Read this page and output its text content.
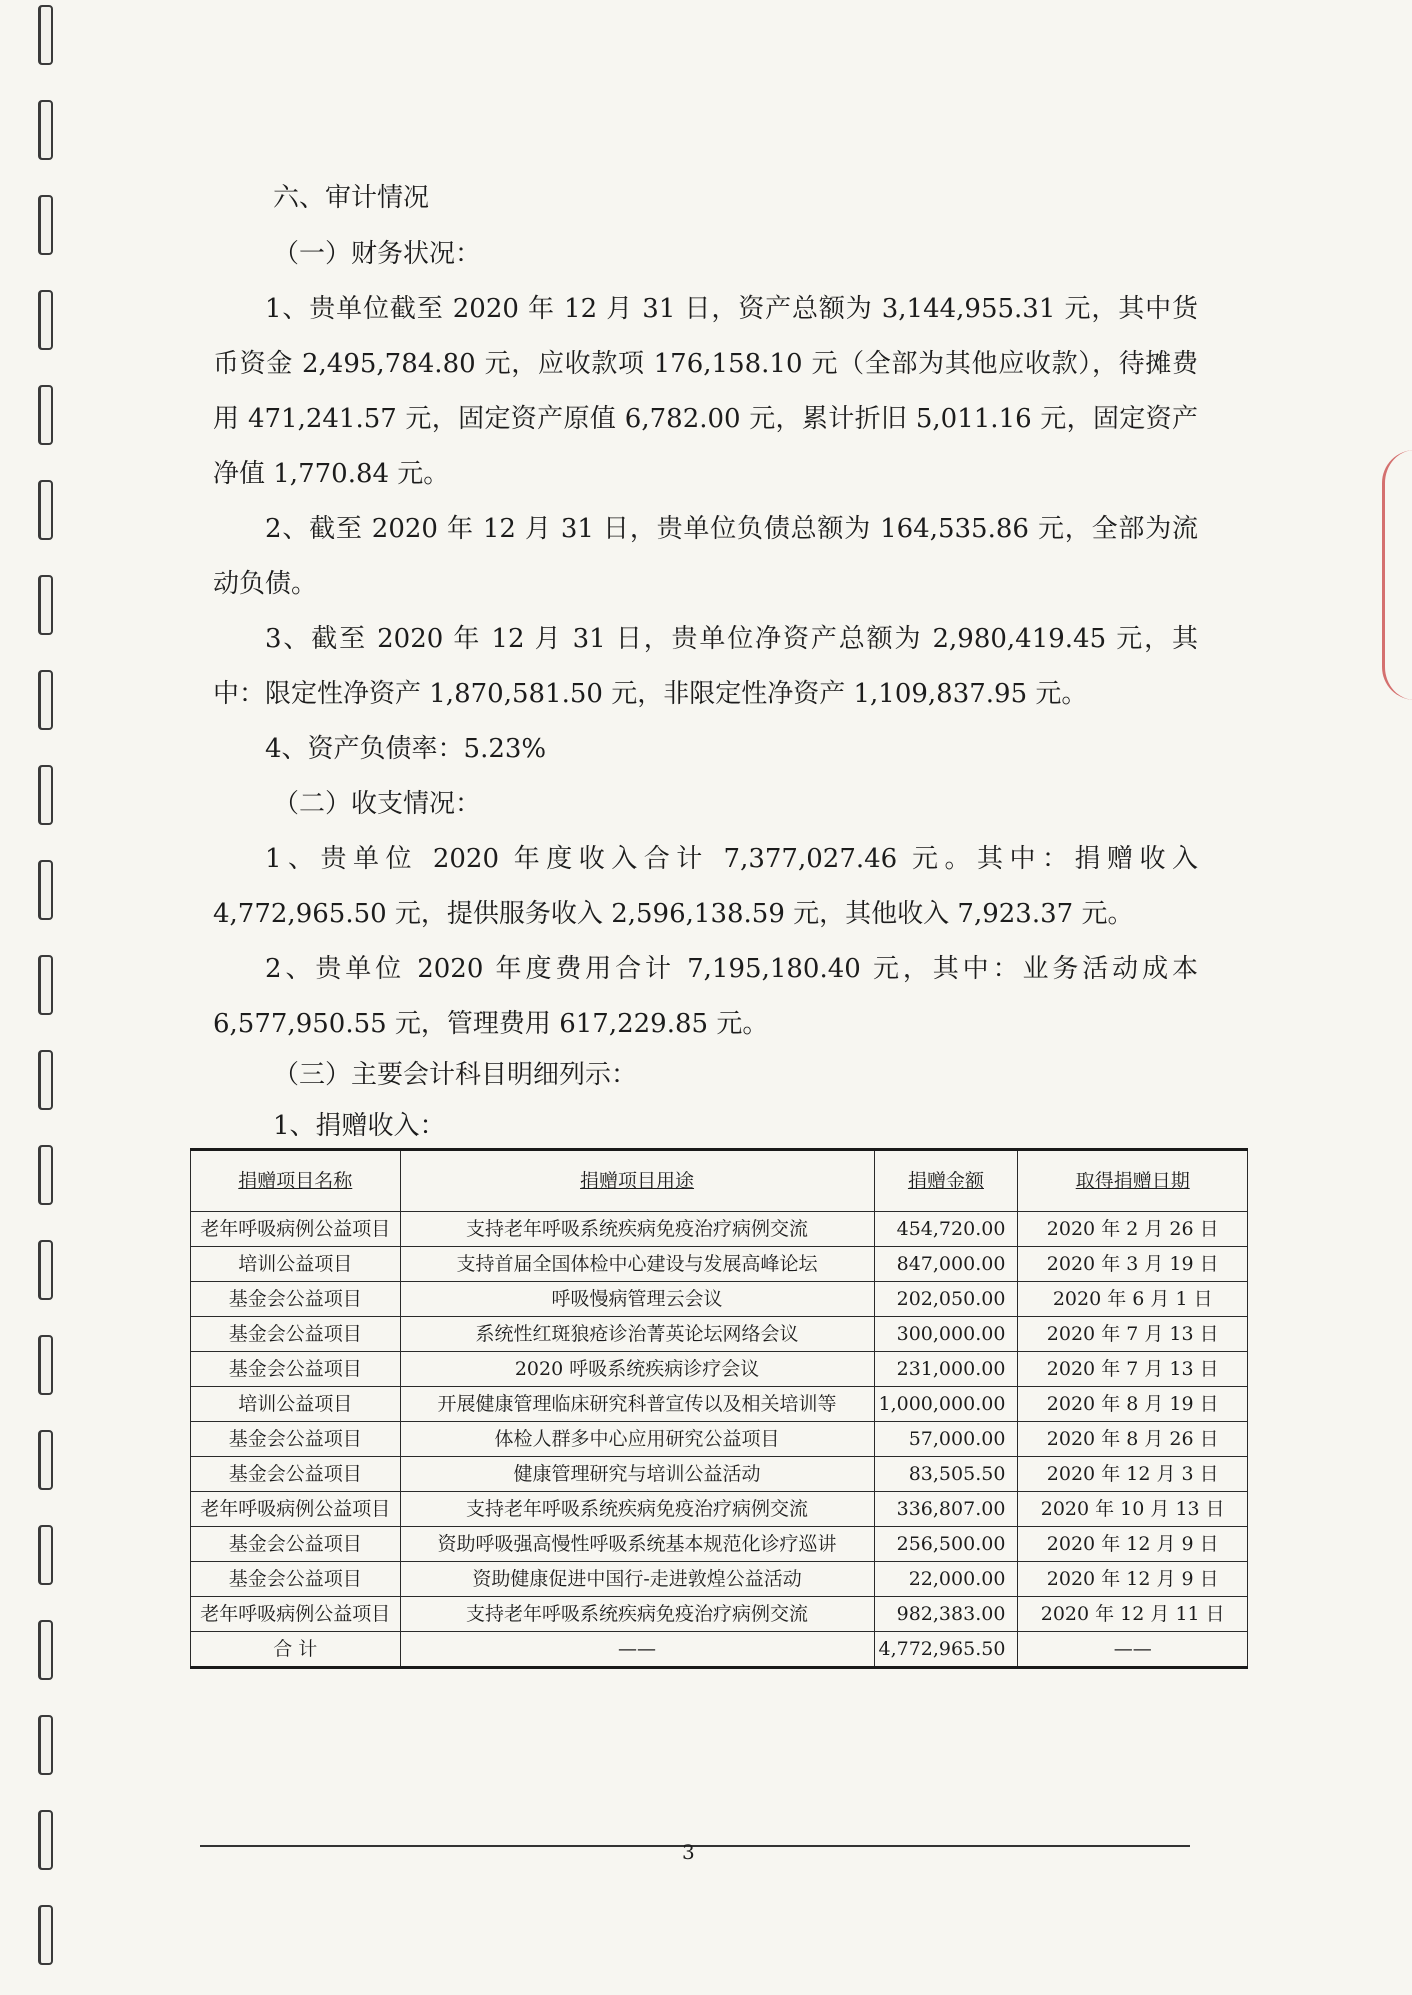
六、审计情况
（一）财务状况：
1、贵单位截至 2020 年 12 月 31 日，资产总额为 3,144,955.31 元，其中货币资金 2,495,784.80 元，应收款项 176,158.10 元（全部为其他应收款），待摊费用 471,241.57 元，固定资产原值 6,782.00 元，累计折旧 5,011.16 元，固定资产净值 1,770.84 元。
2、截至 2020 年 12 月 31 日，贵单位负债总额为 164,535.86 元，全部为流动负债。
3、截至 2020 年 12 月 31 日，贵单位净资产总额为 2,980,419.45 元，其中：限定性净资产 1,870,581.50 元，非限定性净资产 1,109,837.95 元。
4、资产负债率：5.23%
（二）收支情况：
1、贵单位 2020 年度收入合计 7,377,027.46 元。其中：捐赠收入 4,772,965.50 元，提供服务收入 2,596,138.59 元，其他收入 7,923.37 元。
2、贵单位 2020 年度费用合计 7,195,180.40 元，其中：业务活动成本 6,577,950.55 元，管理费用 617,229.85 元。
（三）主要会计科目明细列示：
1、捐赠收入：
捐赠项目名称	捐赠项目用途	捐赠金额	取得捐赠日期
老年呼吸病例公益项目	支持老年呼吸系统疾病免疫治疗病例交流	454,720.00	2020 年 2 月 26 日
培训公益项目	支持首届全国体检中心建设与发展高峰论坛	847,000.00	2020 年 3 月 19 日
基金会公益项目	呼吸慢病管理云会议	202,050.00	2020 年 6 月 1 日
基金会公益项目	系统性红斑狼疮诊治菁英论坛网络会议	300,000.00	2020 年 7 月 13 日
基金会公益项目	2020 呼吸系统疾病诊疗会议	231,000.00	2020 年 7 月 13 日
培训公益项目	开展健康管理临床研究科普宣传以及相关培训等	1,000,000.00	2020 年 8 月 19 日
基金会公益项目	体检人群多中心应用研究公益项目	57,000.00	2020 年 8 月 26 日
基金会公益项目	健康管理研究与培训公益活动	83,505.50	2020 年 12 月 3 日
老年呼吸病例公益项目	支持老年呼吸系统疾病免疫治疗病例交流	336,807.00	2020 年 10 月 13 日
基金会公益项目	资助呼吸强高慢性呼吸系统基本规范化诊疗巡讲	256,500.00	2020 年 12 月 9 日
基金会公益项目	资助健康促进中国行-走进敦煌公益活动	22,000.00	2020 年 12 月 9 日
老年呼吸病例公益项目	支持老年呼吸系统疾病免疫治疗病例交流	982,383.00	2020 年 12 月 11 日
合 计	——	4,772,965.50	——
3
